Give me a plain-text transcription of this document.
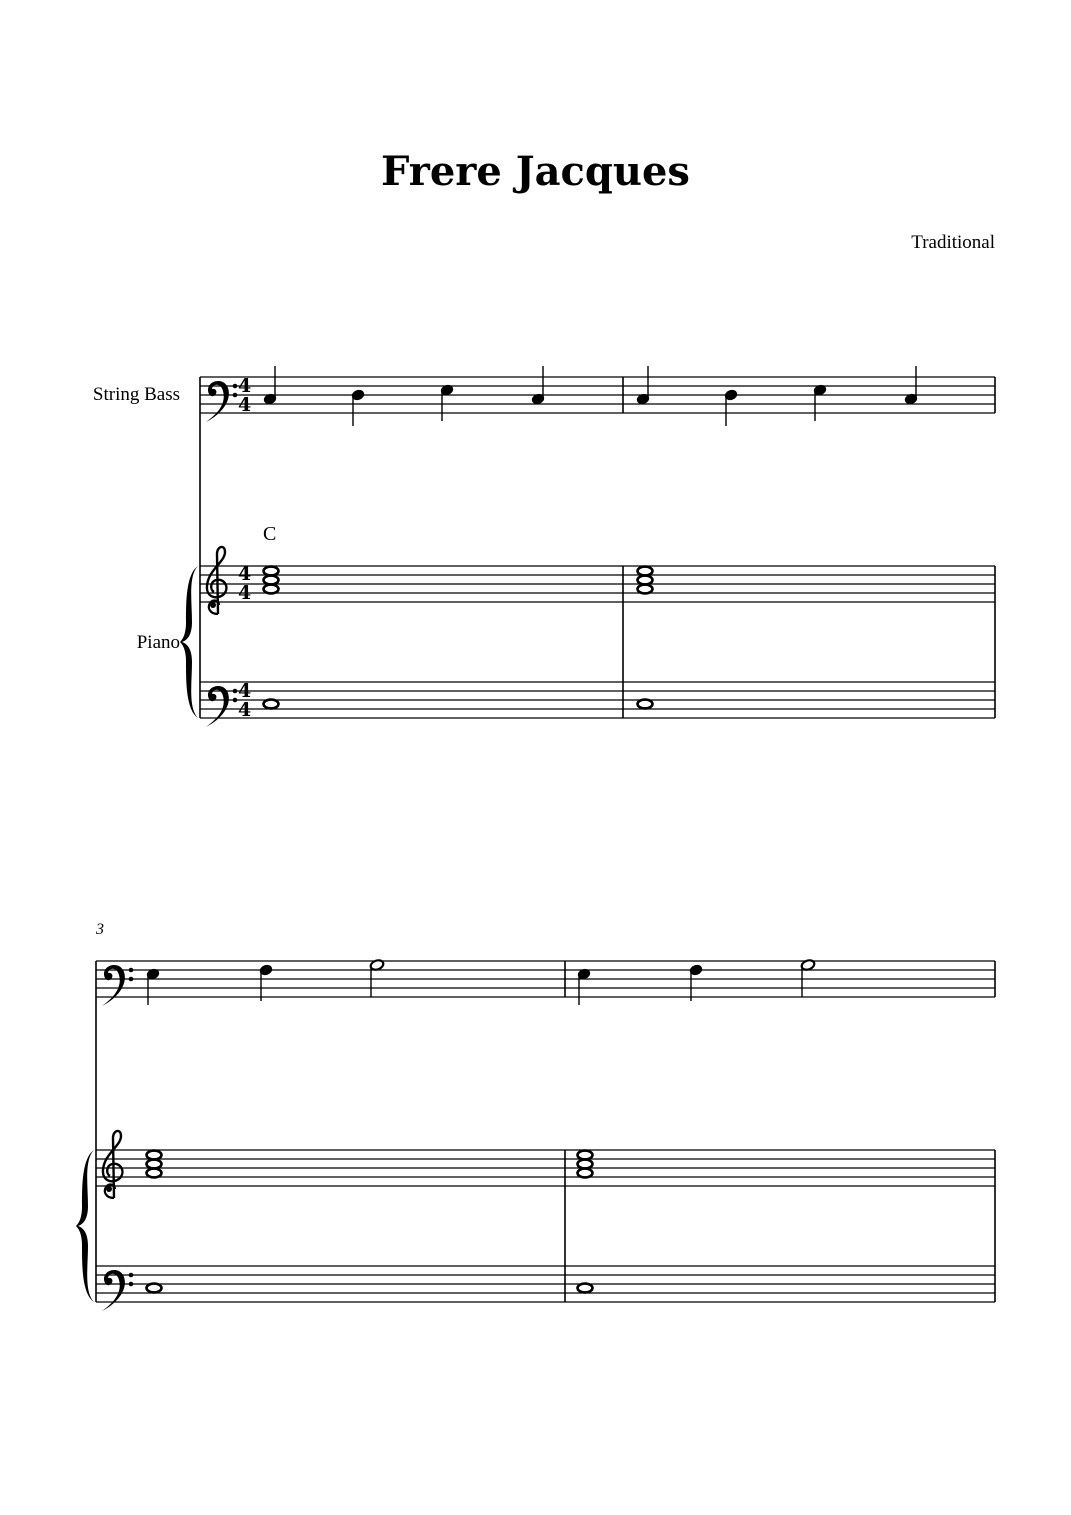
Frere Jacques
Traditional
String Bass
Piano
C
3
4
4
